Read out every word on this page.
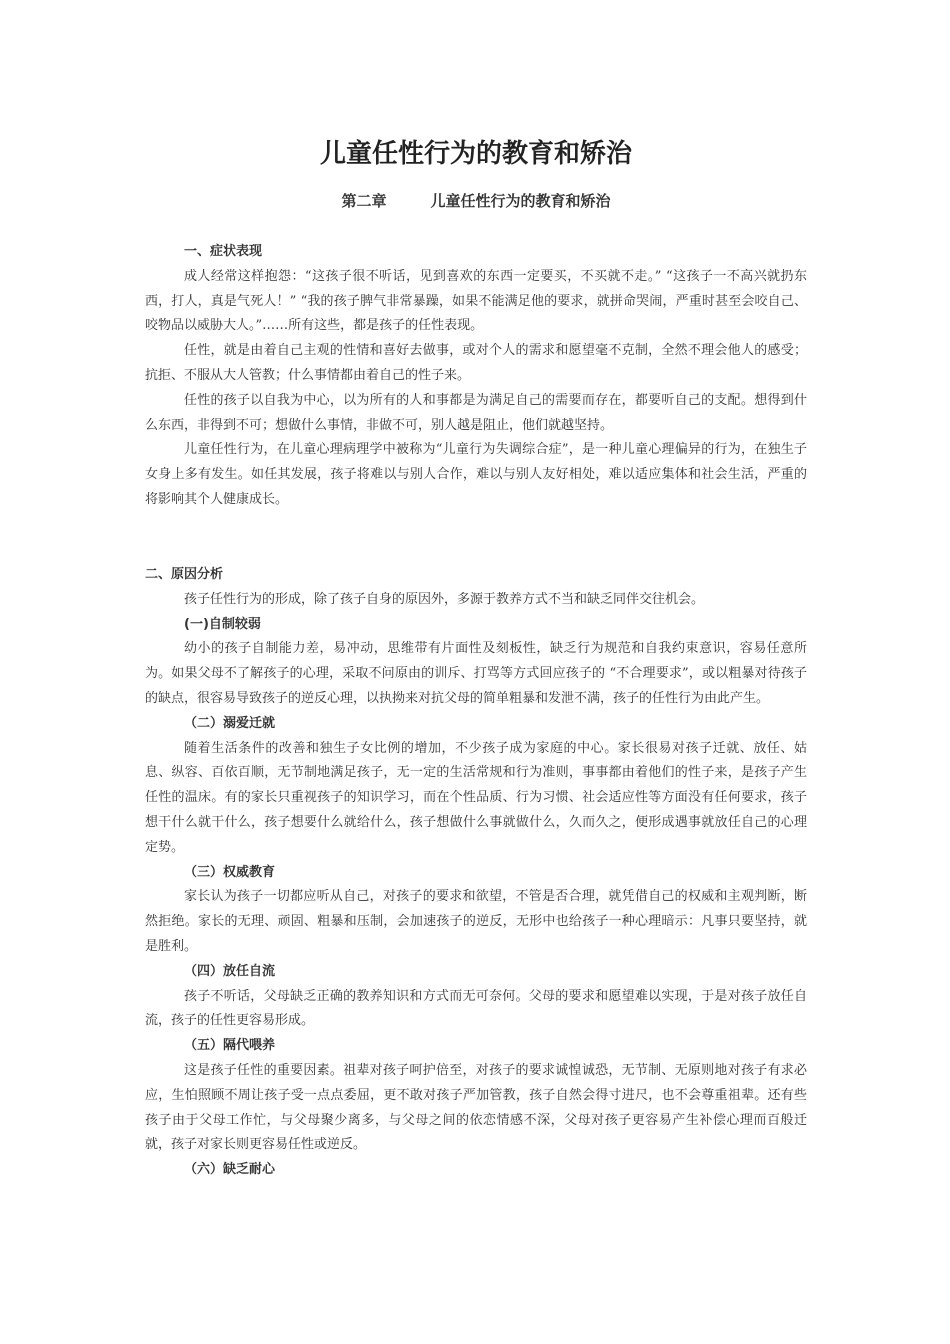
儿童任性行为的教育和矫治
第二章	儿童任性行为的教育和矫治
一、症状表现

成人经常这样抱怨：“这孩子很不听话，见到喜欢的东西一定要买，不买就不走。” “这孩子一不高兴就扔东西，打人，真是气死人！” “我的孩子脾气非常暴躁，如果不能满足他的要求，就拼命哭闹，严重时甚至会咬自己、咬物品以威胁大人。”……所有这些，都是孩子的任性表现。

任性，就是由着自己主观的性情和喜好去做事，或对个人的需求和愿望毫不克制，全然不理会他人的感受；抗拒、不服从大人管教；什么事情都由着自己的性子来。

任性的孩子以自我为中心，以为所有的人和事都是为满足自己的需要而存在，都要听自己的支配。想得到什么东西，非得到不可；想做什么事情，非做不可，别人越是阻止，他们就越坚持。

儿童任性行为，在儿童心理病理学中被称为“儿童行为失调综合症”，是一种儿童心理偏异的行为，在独生子女身上多有发生。如任其发展，孩子将难以与别人合作，难以与别人友好相处，难以适应集体和社会生活，严重的将影响其个人健康成长。

二、原因分析

孩子任性行为的形成，除了孩子自身的原因外，多源于教养方式不当和缺乏同伴交往机会。

(一)自制较弱

幼小的孩子自制能力差，易冲动，思维带有片面性及刻板性，缺乏行为规范和自我约束意识，容易任意所为。如果父母不了解孩子的心理，采取不问原由的训斥、打骂等方式回应孩子的 “不合理要求”，或以粗暴对待孩子的缺点，很容易导致孩子的逆反心理，以执拗来对抗父母的简单粗暴和发泄不满，孩子的任性行为由此产生。

（二）溺爱迁就

随着生活条件的改善和独生子女比例的增加，不少孩子成为家庭的中心。家长很易对孩子迁就、放任、姑息、纵容、百依百顺，无节制地满足孩子，无一定的生活常规和行为准则，事事都由着他们的性子来，是孩子产生任性的温床。有的家长只重视孩子的知识学习，而在个性品质、行为习惯、社会适应性等方面没有任何要求，孩子想干什么就干什么，孩子想要什么就给什么，孩子想做什么事就做什么，久而久之，便形成遇事就放任自己的心理定势。

（三）权威教育

家长认为孩子一切都应听从自己，对孩子的要求和欲望，不管是否合理，就凭借自己的权威和主观判断，断然拒绝。家长的无理、顽固、粗暴和压制，会加速孩子的逆反，无形中也给孩子一种心理暗示：凡事只要坚持，就是胜利。

（四）放任自流

孩子不听话，父母缺乏正确的教养知识和方式而无可奈何。父母的要求和愿望难以实现，于是对孩子放任自流，孩子的任性更容易形成。

（五）隔代喂养

这是孩子任性的重要因素。祖辈对孩子呵护倍至，对孩子的要求诚惶诚恐，无节制、无原则地对孩子有求必应，生怕照顾不周让孩子受一点点委屈，更不敢对孩子严加管教，孩子自然会得寸进尺，也不会尊重祖辈。还有些孩子由于父母工作忙，与父母聚少离多，与父母之间的依恋情感不深，父母对孩子更容易产生补偿心理而百般迁就，孩子对家长则更容易任性或逆反。

（六）缺乏耐心
